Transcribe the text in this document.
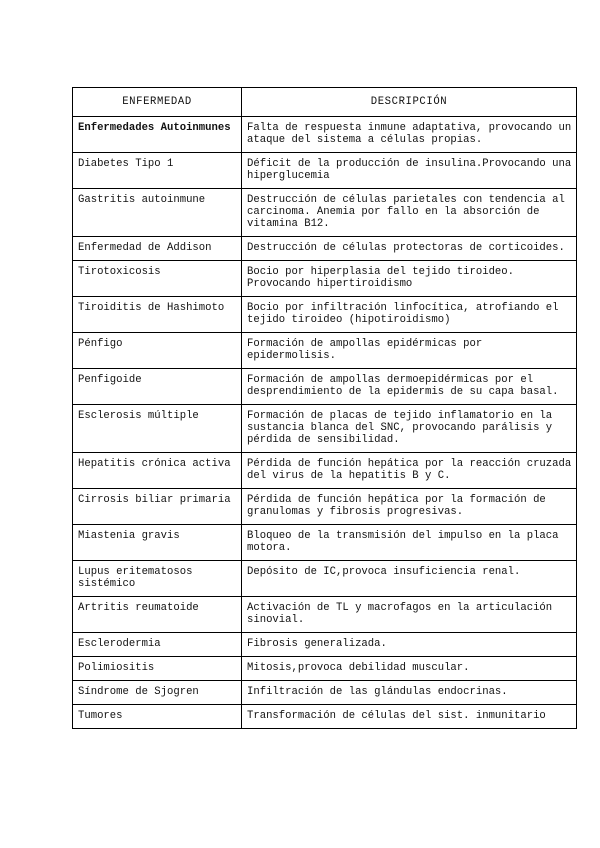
ENFERMEDAD	DESCRIPCIÓN
Enfermedades Autoinmunes	Falta de respuesta inmune adaptativa, provocando un ataque del sistema a células propias.
Diabetes Tipo 1	Déficit de la producción de insulina.Provocando una hiperglucemia
Gastritis autoinmune	Destrucción de células parietales con tendencia al carcinoma. Anemia por fallo en la absorción de vitamina B12.
Enfermedad de Addison	Destrucción de células protectoras de corticoides.
Tirotoxicosis	Bocio por hiperplasia del tejido tiroideo. Provocando hipertiroidismo
Tiroiditis de Hashimoto	Bocio por infiltración linfocítica, atrofiando el tejido tiroideo (hipotiroidismo)
Pénfigo	Formación de ampollas epidérmicas por epidermolisis.
Penfigoide	Formación de ampollas dermoepidérmicas por el desprendimiento de la epidermis de su capa basal.
Esclerosis múltiple	Formación de placas de tejido inflamatorio en la sustancia blanca del SNC, provocando parálisis y pérdida de sensibilidad.
Hepatitis crónica activa	Pérdida de función hepática por la reacción cruzada del virus de la hepatitis B y C.
Cirrosis biliar primaria	Pérdida de función hepática por la formación de granulomas y fibrosis progresivas.
Miastenia gravis	Bloqueo de la transmisión del impulso en la placa motora.
Lupus eritematosos sistémico	Depósito de IC,provoca insuficiencia renal.
Artritis reumatoide	Activación de TL y macrofagos en la articulación sinovial.
Esclerodermia	Fibrosis generalizada.
Polimiositis	Mitosis,provoca debilidad muscular.
Síndrome de Sjogren	Infiltración de las glándulas endocrinas.
Tumores	Transformación de células del sist. inmunitario
